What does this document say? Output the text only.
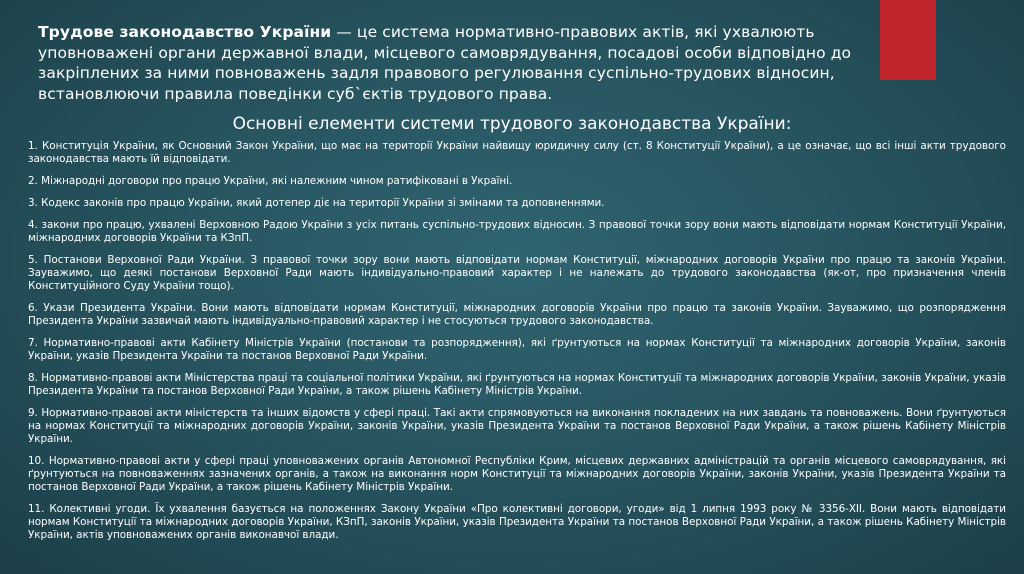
Трудове законодавство України — це система нормативно-правових актів, які ухвалюють уповноважені органи державної влади, місцевого самоврядування, посадові особи відповідно до закріплених за ними повноважень задля правового регулювання суспільно-трудових відносин, встановлюючи правила поведінки суб`єктів трудового права.
Основні елементи системи трудового законодавства України:
1. Конституція України, як Основний Закон України, що має на території України найвищу юридичну силу (ст. 8 Конституції України), а це означає, що всі інші акти трудового законодавства мають їй відповідати.
2. Міжнародні договори про працю України, які належним чином ратифіковані в Україні.
3. Кодекс законів про працю України, який дотепер діє на території України зі змінами та доповненнями.
4. закони про працю, ухвалені Верховною Радою України з усіх питань суспільно-трудових відносин. З правової точки зору вони мають відповідати нормам Конституції України, міжнародних договорів України та КЗпП.
5. Постанови Верховної Ради України. З правової точки зору вони мають відповідати нормам Конституції, міжнародних договорів України про працю та законів України. Зауважимо, що деякі постанови Верховної Ради мають індивідуально-правовий характер і не належать до трудового законодавства (як-от, про призначення членів Конституційного Суду України тощо).
6. Укази Президента України. Вони мають відповідати нормам Конституції, міжнародних договорів України про працю та законів України. Зауважимо, що розпорядження Президента України зазвичай мають індивідуально-правовий характер і не стосуються трудового законодавства.
7. Нормативно-правові акти Кабінету Міністрів України (постанови та розпорядження), які ґрунтуються на нормах Конституції та міжнародних договорів України, законів України, указів Президента України та постанов Верховної Ради України.
8. Нормативно-правові акти Міністерства праці та соціальної політики України, які ґрунтуються на нормах Конституції та міжнародних договорів України, законів України, указів Президента України та постанов Верховної Ради України, а також рішень Кабінету Міністрів України.
9. Нормативно-правові акти міністерств та інших відомств у сфері праці. Такі акти спрямовуються на виконання покладених на них завдань та повноважень. Вони ґрунтуються на нормах Конституції та міжнародних договорів України, законів України, указів Президента України та постанов Верховної Ради України, а також рішень Кабінету Міністрів України.
10. Нормативно-правові акти у сфері праці уповноважених органів Автономної Республіки Крим, місцевих державних адміністрацій та органів місцевого самоврядування, які ґрунтуються на повноваженнях зазначених органів, а також на виконання норм Конституції та міжнародних договорів України, законів України, указів Президента України та постанов Верховної Ради України, а також рішень Кабінету Міністрів України.
11. Колективні угоди. Їх ухвалення базується на положеннях Закону України «Про колективні договори, угоди» від 1 липня 1993 року № 3356-XII. Вони мають відповідати нормам Конституції та міжнародних договорів України, КЗпП, законів України, указів Президента України та постанов Верховної Ради України, а також рішень Кабінету Міністрів України, актів уповноважених органів виконавчої влади.
